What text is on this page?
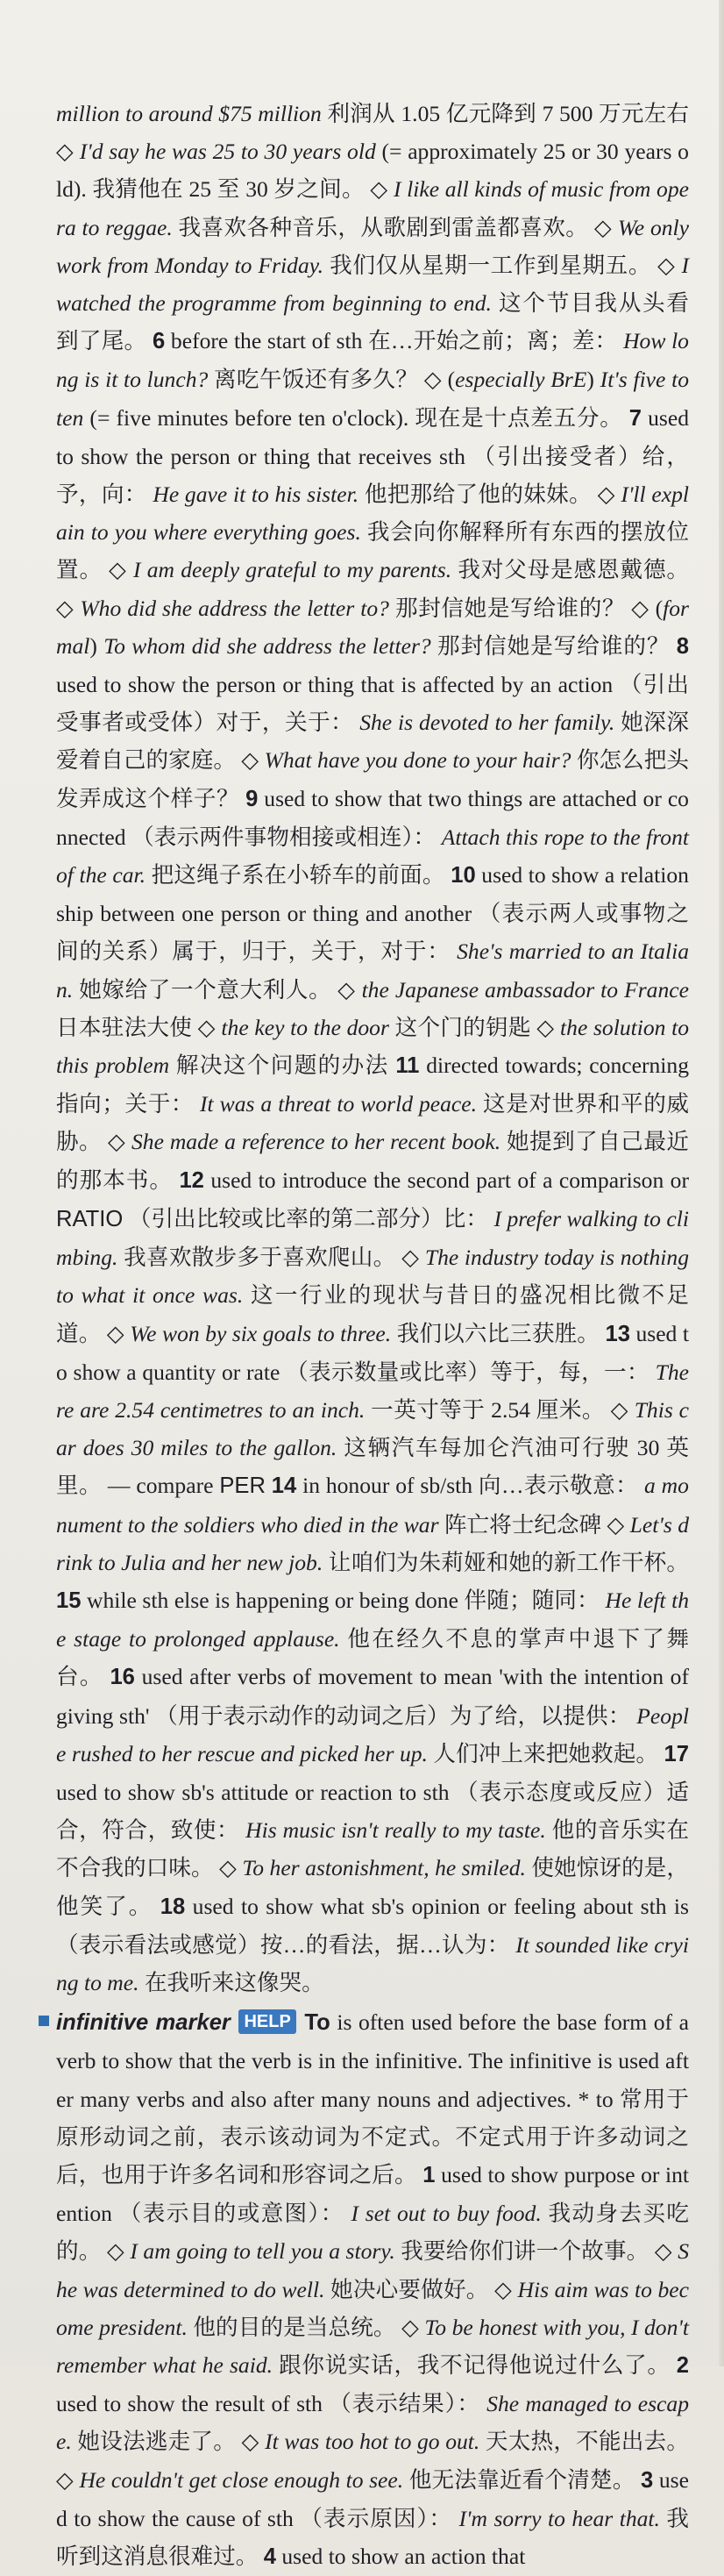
million to around $75 million 利润从 1.05 亿元降到 7 500 万元左右 ◇ I'd say he was 25 to 30 years old (= approximately 25 or 30 years old). 我猜他在 25 至 30 岁之间。 ◇ I like all kinds of music from opera to reggae. 我喜欢各种音乐，从歌剧到雷盖都喜欢。 ◇ We only work from Monday to Friday. 我们仅从星期一工作到星期五。 ◇ I watched the programme from beginning to end. 这个节目我从头看到了尾。 6 before the start of sth 在…开始之前；离；差： How long is it to lunch? 离吃午饭还有多久？ ◇ (especially BrE) It's five to ten (= five minutes before ten o'clock). 现在是十点差五分。 7 used to show the person or thing that receives sth （引出接受者）给，予，向： He gave it to his sister. 他把那给了他的妹妹。 ◇ I'll explain to you where everything goes. 我会向你解释所有东西的摆放位置。 ◇ I am deeply grateful to my parents. 我对父母是感恩戴德。 ◇ Who did she address the letter to? 那封信她是写给谁的？ ◇ (formal) To whom did she address the letter? 那封信她是写给谁的？ 8 used to show the person or thing that is affected by an action （引出受事者或受体）对于，关于： She is devoted to her family. 她深深爱着自己的家庭。 ◇ What have you done to your hair? 你怎么把头发弄成这个样子？ 9 used to show that two things are attached or connected （表示两件事物相接或相连）： Attach this rope to the front of the car. 把这绳子系在小轿车的前面。 10 used to show a relationship between one person or thing and another （表示两人或事物之间的关系）属于，归于，关于，对于： She's married to an Italian. 她嫁给了一个意大利人。 ◇ the Japanese ambassador to France 日本驻法大使 ◇ the key to the door 这个门的钥匙 ◇ the solution to this problem 解决这个问题的办法 11 directed towards; concerning 指向；关于： It was a threat to world peace. 这是对世界和平的威胁。 ◇ She made a reference to her recent book. 她提到了自己最近的那本书。 12 used to introduce the second part of a comparison or RATIO （引出比较或比率的第二部分）比： I prefer walking to climbing. 我喜欢散步多于喜欢爬山。 ◇ The industry today is nothing to what it once was. 这一行业的现状与昔日的盛况相比微不足道。 ◇ We won by six goals to three. 我们以六比三获胜。 13 used to show a quantity or rate （表示数量或比率）等于，每，一： There are 2.54 centimetres to an inch. 一英寸等于 2.54 厘米。 ◇ This car does 30 miles to the gallon. 这辆汽车每加仑汽油可行驶 30 英里。 — compare PER 14 in honour of sb/sth 向…表示敬意： a monument to the soldiers who died in the war 阵亡将士纪念碑 ◇ Let's drink to Julia and her new job. 让咱们为朱莉娅和她的新工作干杯。 15 while sth else is happening or being done 伴随；随同： He left the stage to prolonged applause. 他在经久不息的掌声中退下了舞台。 16 used after verbs of movement to mean 'with the intention of giving sth' （用于表示动作的动词之后）为了给，以提供： People rushed to her rescue and picked her up. 人们冲上来把她救起。 17 used to show sb's attitude or reaction to sth （表示态度或反应）适合，符合，致使： His music isn't really to my taste. 他的音乐实在不合我的口味。 ◇ To her astonishment, he smiled. 使她惊讶的是，他笑了。 18 used to show what sb's opinion or feeling about sth is （表示看法或感觉）按…的看法，据…认为： It sounded like crying to me. 在我听来这像哭。

infinitive marker HELP To is often used before the base form of a verb to show that the verb is in the infinitive. The infinitive is used after many verbs and also after many nouns and adjectives. * to 常用于原形动词之前，表示该动词为不定式。不定式用于许多动词之后，也用于许多名词和形容词之后。 1 used to show purpose or intention （表示目的或意图）： I set out to buy food. 我动身去买吃的。 ◇ I am going to tell you a story. 我要给你们讲一个故事。 ◇ She was determined to do well. 她决心要做好。 ◇ His aim was to become president. 他的目的是当总统。 ◇ To be honest with you, I don't remember what he said. 跟你说实话，我不记得他说过什么了。 2 used to show the result of sth （表示结果）： She managed to escape. 她设法逃走了。 ◇ It was too hot to go out. 天太热，不能出去。 ◇ He couldn't get close enough to see. 他无法靠近看个清楚。 3 used to show the cause of sth （表示原因）： I'm sorry to hear that. 我听到这消息很难过。 4 used to show an action that
